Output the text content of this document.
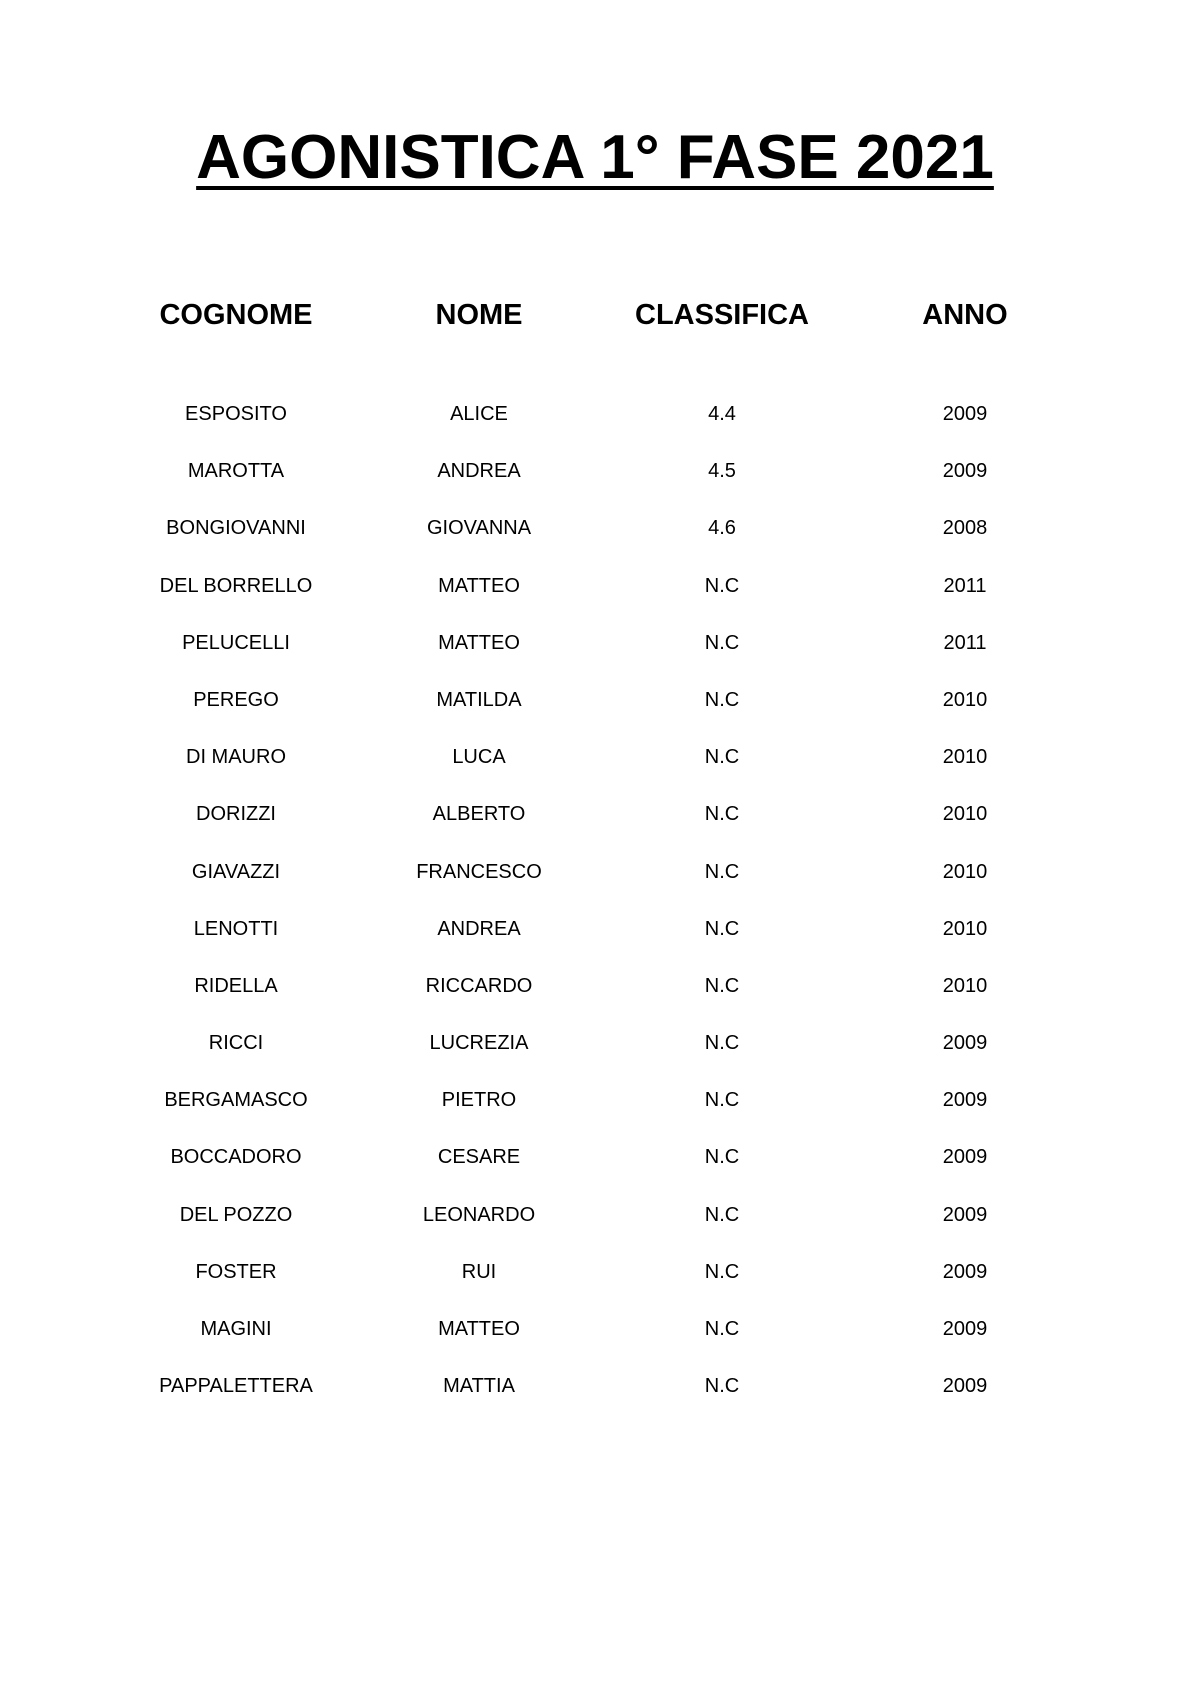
AGONISTICA 1° FASE 2021
COGNOME	NOME	CLASSIFICA	ANNO
ESPOSITO	ALICE	4.4	2009
MAROTTA	ANDREA	4.5	2009
BONGIOVANNI	GIOVANNA	4.6	2008
DEL BORRELLO	MATTEO	N.C	2011
PELUCELLI	MATTEO	N.C	2011
PEREGO	MATILDA	N.C	2010
DI MAURO	LUCA	N.C	2010
DORIZZI	ALBERTO	N.C	2010
GIAVAZZI	FRANCESCO	N.C	2010
LENOTTI	ANDREA	N.C	2010
RIDELLA	RICCARDO	N.C	2010
RICCI	LUCREZIA	N.C	2009
BERGAMASCO	PIETRO	N.C	2009
BOCCADORO	CESARE	N.C	2009
DEL POZZO	LEONARDO	N.C	2009
FOSTER	RUI	N.C	2009
MAGINI	MATTEO	N.C	2009
PAPPALETTERA	MATTIA	N.C	2009
